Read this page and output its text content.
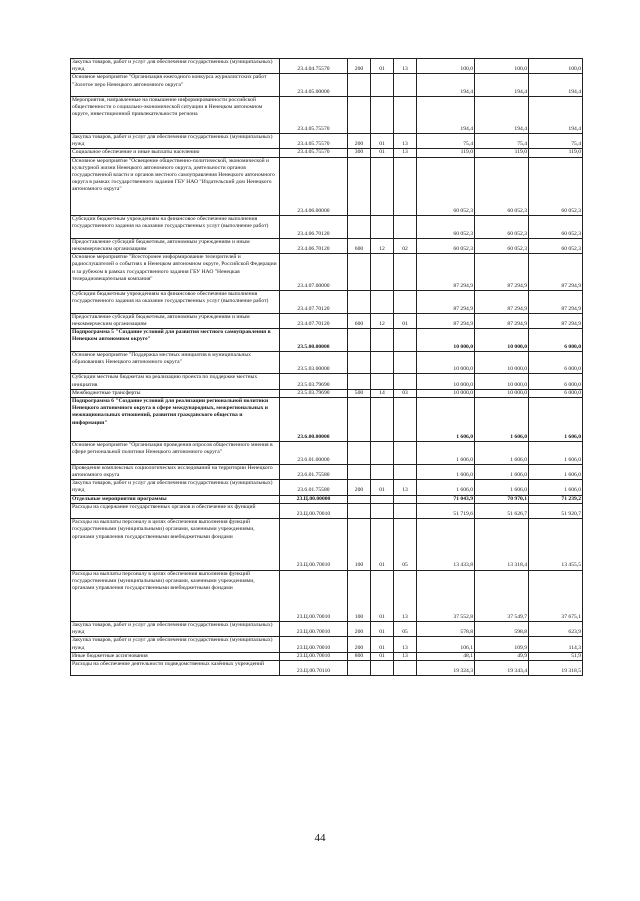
Закупка товаров, работ и услуг для обеспечения государственных (муниципальных) нужд	23.4.04.75570	200	01	13	100,0	100,0	100,0
Основное мероприятие "Организация ежегодного конкурса журналистских работ "Золотое перо Ненецкого автономного округа"	23.4.05.00000				194,4	194,4	194,4
Мероприятия, направленные на повышение информированности российской общественности о социально-экономической ситуации в Ненецком автономном округе, инвестиционной привлекательности региона	23.4.05.75570				194,4	194,4	194,4
Закупка товаров, работ и услуг для обеспечения государственных (муниципальных) нужд	23.4.05.75570	200	01	13	75,4	75,4	75,4
Социальное обеспечение и иные выплаты населению	23.4.05.75570	300	01	13	119,0	119,0	119,0
Основное мероприятие "Освещение общественно-политической, экономической и культурной жизни Ненецкого автономного округа, деятельности органов государственной власти и органов местного самоуправления Ненецкого автономного округа в рамках государственного задания ГБУ НАО "Издательский дом Ненецкого автономного округа"	23.4.06.00000				60 052,3	60 052,3	60 052,3
Субсидии бюджетным учреждениям на финансовое обеспечение выполнения государственного задания на оказание государственных услуг (выполнение работ)	23.4.06.70120				60 052,3	60 052,3	60 052,3
Предоставление субсидий бюджетным, автономным учреждениям и иным некоммерческим организациям	23.4.06.70120	600	12	02	60 052,3	60 052,3	60 052,3
Основное мероприятие "Всесторонее информирование телезрителей и радиослушателей о событиях в Ненецком автономном округе, Российской Федерации и за рубежом в рамках государственного задания ГБУ НАО "Ненецкая телерадиовещательная компания"	23.4.07.00000				87 294,9	87 294,9	87 294,9
Субсидии бюджетным учреждениям на финансовое обеспечение выполнения государственного задания на оказание государственных услуг (выполнение работ)	23.4.07.70120				87 294,9	87 294,9	87 294,9
Предоставление субсидий бюджетным, автономным учреждениям и иным некоммерческим организациям	23.4.07.70120	600	12	01	87 294,9	87 294,9	87 294,9
Подпрограмма 5 "Создание условий для развития местного самоуправления в Ненецком автономном округе"	23.5.00.00000				10 000,0	10 000,0	6 000,0
Основное мероприятие "Поддержка местных инициатив в муниципальных образованиях Ненецкого автономного округа"	23.5.03.00000				10 000,0	10 000,0	6 000,0
Субсидии местным бюджетам на реализацию проекта по поддержке местных инициатив	23.5.03.79690				10 000,0	10 000,0	6 000,0
Межбюджетные трансферты	23.5.03.79690	500	14	03	10 000,0	10 000,0	6 000,0
Подпрограмма 6 "Создание условий для реализации региональной политики Ненецкого автономного округа в сфере международных, межрегиональных и межнациональных отношений, развития гражданского общества и информации"	23.6.00.00000				1 606,0	1 606,0	1 606,0
Основное мероприятие "Организация проведения опросов общественного мнения в сфере региональной политики Ненецкого автономного округа"	23.6.01.00000				1 606,0	1 606,0	1 606,0
Проведение комплексных социологических исследований на территории Ненецкого автономного округа	23.6.01.75580				1 606,0	1 606,0	1 606,0
Закупка товаров, работ и услуг для обеспечения государственных (муниципальных) нужд	23.6.01.75580	200	01	13	1 606,0	1 606,0	1 606,0
Отдельные мероприятия программы	23.Ц.00.00000				71 043,9	70 970,1	71 239,2
Расходы на содержание государственных органов и обеспечение их функций	23.Ц.00.70010				51 719,6	51 626,7	51 920,7
Расходы на выплаты персоналу в целях обеспечения выполнения функций государственными (муниципальными) органами, казенными учреждениями, органами управления государственными внебюджетными фондами	23.Ц.00.70010	100	01	05	13 433,8	13 318,4	13 455,5
Расходы на выплаты персоналу в целях обеспечения выполнения функций государственными (муниципальными) органами, казенными учреждениями, органами управления государственными внебюджетными фондами	23.Ц.00.70010	100	01	13	37 552,8	37 549,7	37 675,1
Закупка товаров, работ и услуг для обеспечения государственных (муниципальных) нужд	23.Ц.00.70010	200	01	05	578,8	598,8	623,9
Закупка товаров, работ и услуг для обеспечения государственных (муниципальных) нужд	23.Ц.00.70010	200	01	13	106,1	109,9	114,3
Иные бюджетные ассигнования	23.Ц.00.70010	800	01	13	48,1	49,9	51,9
Расходы на обеспечение деятельности подведомственных казённых учреждений	23.Ц.00.70110				19 324,3	19 343,4	19 318,5
44
